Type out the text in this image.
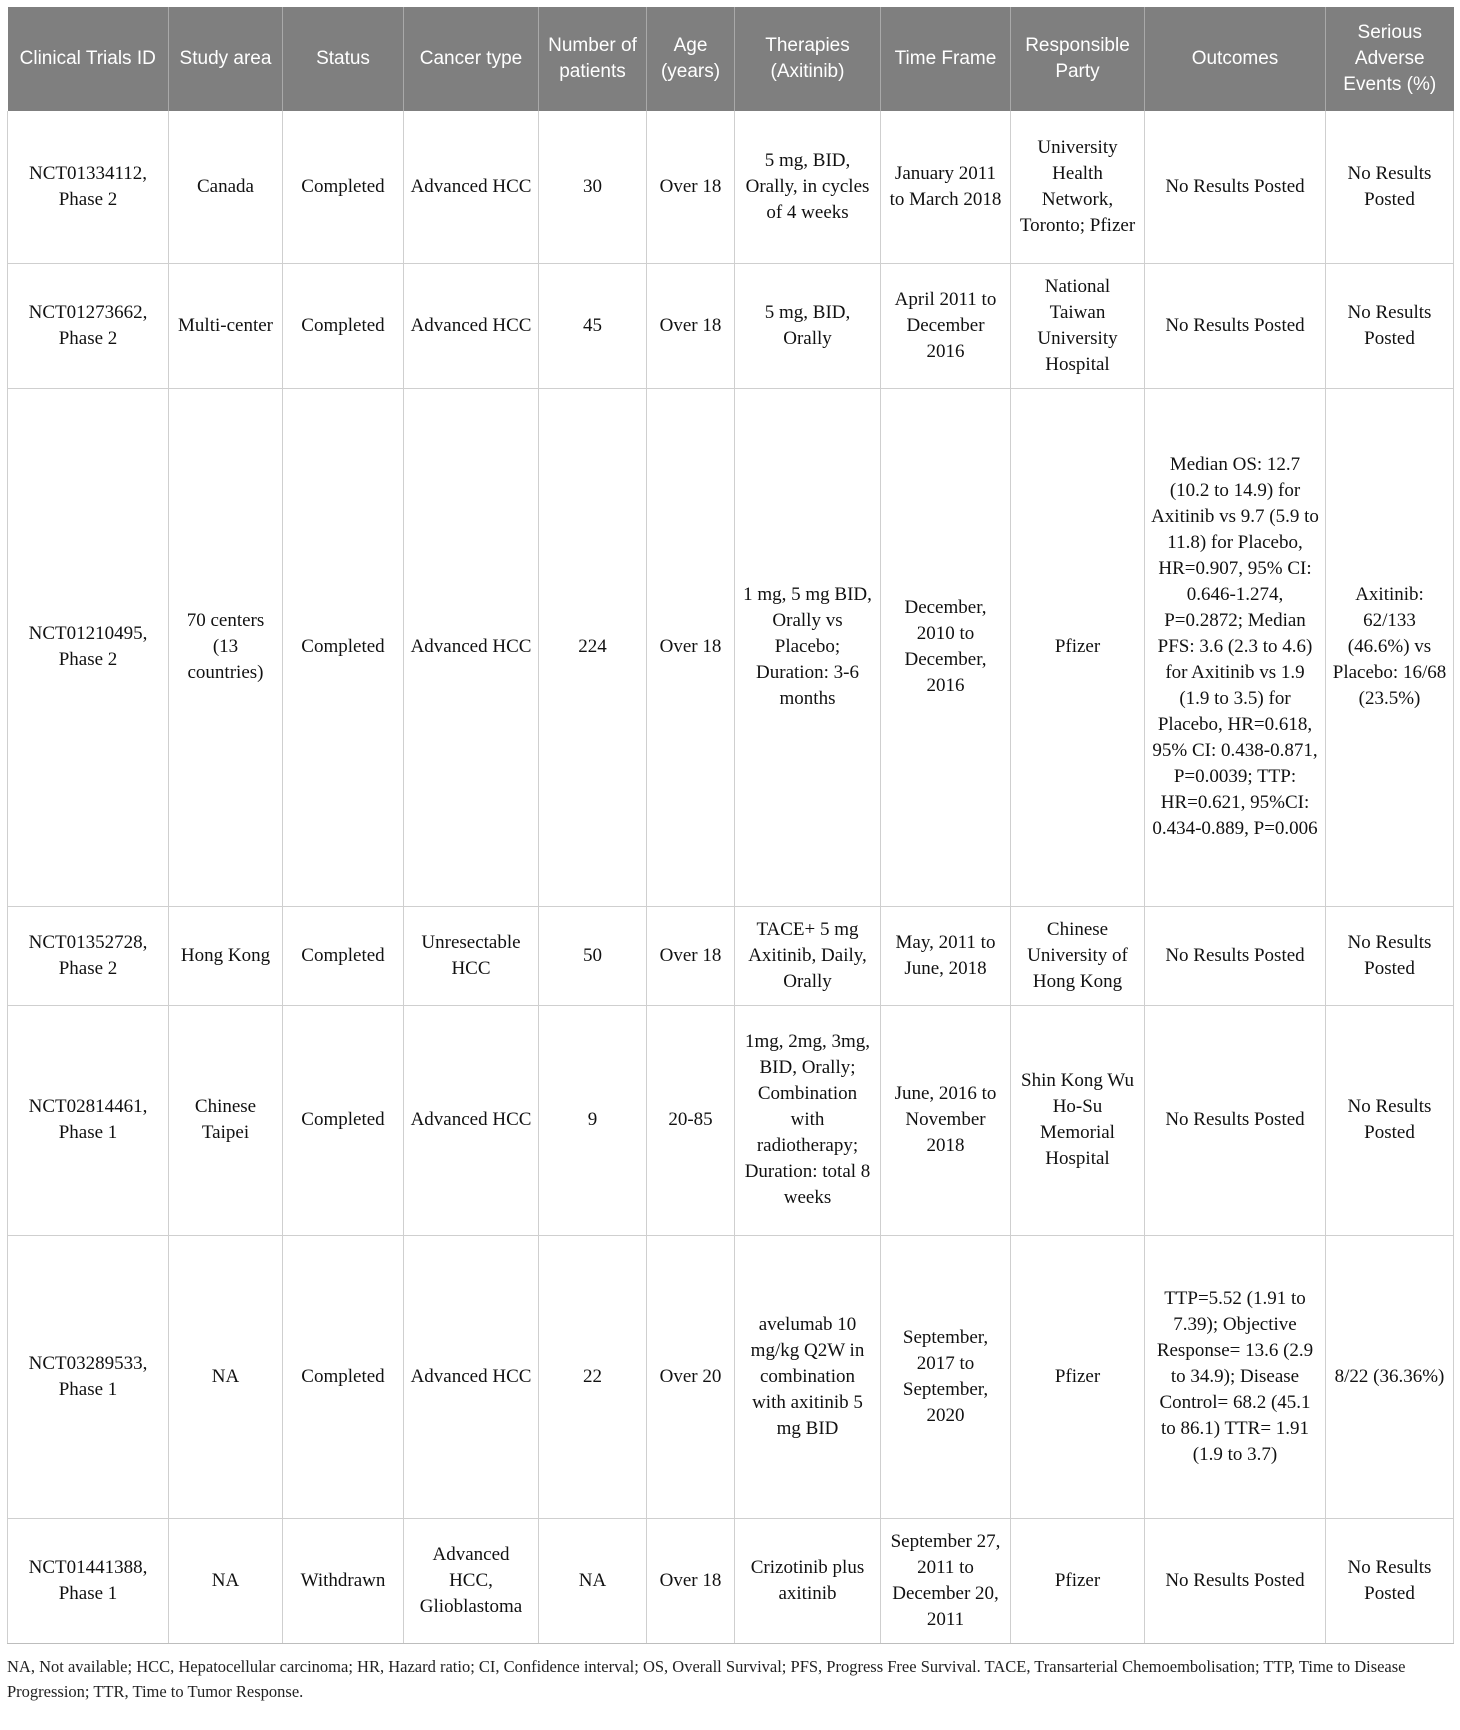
Clinical Trials ID	Study area	Status	Cancer type	Number of patients	Age (years)	Therapies (Axitinib)	Time Frame	Responsible Party	Outcomes	Serious Adverse Events (%)
NCT01334112, Phase 2	Canada	Completed	Advanced HCC	30	Over 18	5 mg, BID, Orally, in cycles of 4 weeks	January 2011 to March 2018	University Health Network, Toronto; Pfizer	No Results Posted	No Results Posted
NCT01273662, Phase 2	Multi-center	Completed	Advanced HCC	45	Over 18	5 mg, BID, Orally	April 2011 to December 2016	National Taiwan University Hospital	No Results Posted	No Results Posted
NCT01210495, Phase 2	70 centers (13 countries)	Completed	Advanced HCC	224	Over 18	1 mg, 5 mg BID, Orally vs Placebo; Duration: 3-6 months	December, 2010 to December, 2016	Pfizer	Median OS: 12.7 (10.2 to 14.9) for Axitinib vs 9.7 (5.9 to 11.8) for Placebo, HR=0.907, 95% CI: 0.646-1.274, P=0.2872; Median PFS: 3.6 (2.3 to 4.6) for Axitinib vs 1.9 (1.9 to 3.5) for Placebo, HR=0.618, 95% CI: 0.438-0.871, P=0.0039; TTP: HR=0.621, 95%CI: 0.434-0.889, P=0.006	Axitinib: 62/133 (46.6%) vs Placebo: 16/68 (23.5%)
NCT01352728, Phase 2	Hong Kong	Completed	Unresectable HCC	50	Over 18	TACE+ 5 mg Axitinib, Daily, Orally	May, 2011 to June, 2018	Chinese University of Hong Kong	No Results Posted	No Results Posted
NCT02814461, Phase 1	Chinese Taipei	Completed	Advanced HCC	9	20-85	1mg, 2mg, 3mg, BID, Orally; Combination with radiotherapy; Duration: total 8 weeks	June, 2016 to November 2018	Shin Kong Wu Ho-Su Memorial Hospital	No Results Posted	No Results Posted
NCT03289533, Phase 1	NA	Completed	Advanced HCC	22	Over 20	avelumab 10 mg/kg Q2W in combination with axitinib 5 mg BID	September, 2017 to September, 2020	Pfizer	TTP=5.52 (1.91 to 7.39); Objective Response= 13.6 (2.9 to 34.9); Disease Control= 68.2 (45.1 to 86.1) TTR= 1.91 (1.9 to 3.7)	8/22 (36.36%)
NCT01441388, Phase 1	NA	Withdrawn	Advanced HCC, Glioblastoma	NA	Over 18	Crizotinib plus axitinib	September 27, 2011 to December 20, 2011	Pfizer	No Results Posted	No Results Posted
NA, Not available; HCC, Hepatocellular carcinoma; HR, Hazard ratio; CI, Confidence interval; OS, Overall Survival; PFS, Progress Free Survival. TACE, Transarterial Chemoembolisation; TTP, Time to Disease Progression; TTR, Time to Tumor Response.
